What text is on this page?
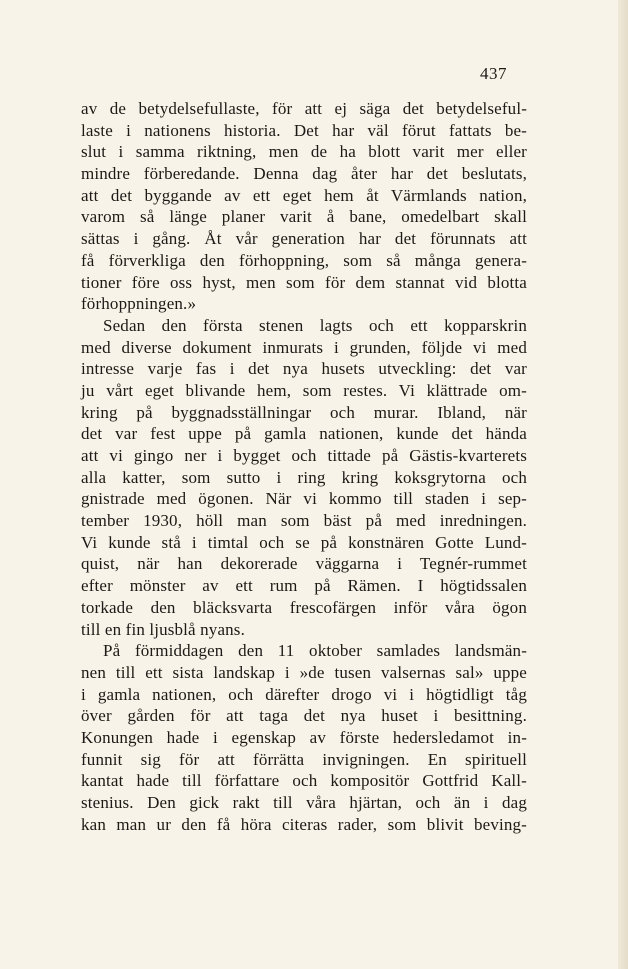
437
av de betydelsefullaste, för att ej säga det betydelseful-
laste i nationens historia. Det har väl förut fattats be-
slut i samma riktning, men de ha blott varit mer eller
mindre förberedande. Denna dag åter har det beslutats,
att det byggande av ett eget hem åt Värmlands nation,
varom så länge planer varit å bane, omedelbart skall
sättas i gång. Åt vår generation har det förunnats att
få förverkliga den förhoppning, som så många genera-
tioner före oss hyst, men som för dem stannat vid blotta
förhoppningen.»
Sedan den första stenen lagts och ett kopparskrin
med diverse dokument inmurats i grunden, följde vi med
intresse varje fas i det nya husets utveckling: det var
ju vårt eget blivande hem, som restes. Vi klättrade om-
kring på byggnadsställningar och murar. Ibland, när
det var fest uppe på gamla nationen, kunde det hända
att vi gingo ner i bygget och tittade på Gästis-kvarterets
alla katter, som sutto i ring kring koksgrytorna och
gnistrade med ögonen. När vi kommo till staden i sep-
tember 1930, höll man som bäst på med inredningen.
Vi kunde stå i timtal och se på konstnären Gotte Lund-
quist, när han dekorerade väggarna i Tegnér-rummet
efter mönster av ett rum på Rämen. I högtidssalen
torkade den bläcksvarta frescofärgen inför våra ögon
till en fin ljusblå nyans.
På förmiddagen den 11 oktober samlades landsmän-
nen till ett sista landskap i »de tusen valsernas sal» uppe
i gamla nationen, och därefter drogo vi i högtidligt tåg
över gården för att taga det nya huset i besittning.
Konungen hade i egenskap av förste hedersledamot in-
funnit sig för att förrätta invigningen. En spirituell
kantat hade till författare och kompositör Gottfrid Kall-
stenius. Den gick rakt till våra hjärtan, och än i dag
kan man ur den få höra citeras rader, som blivit beving-
